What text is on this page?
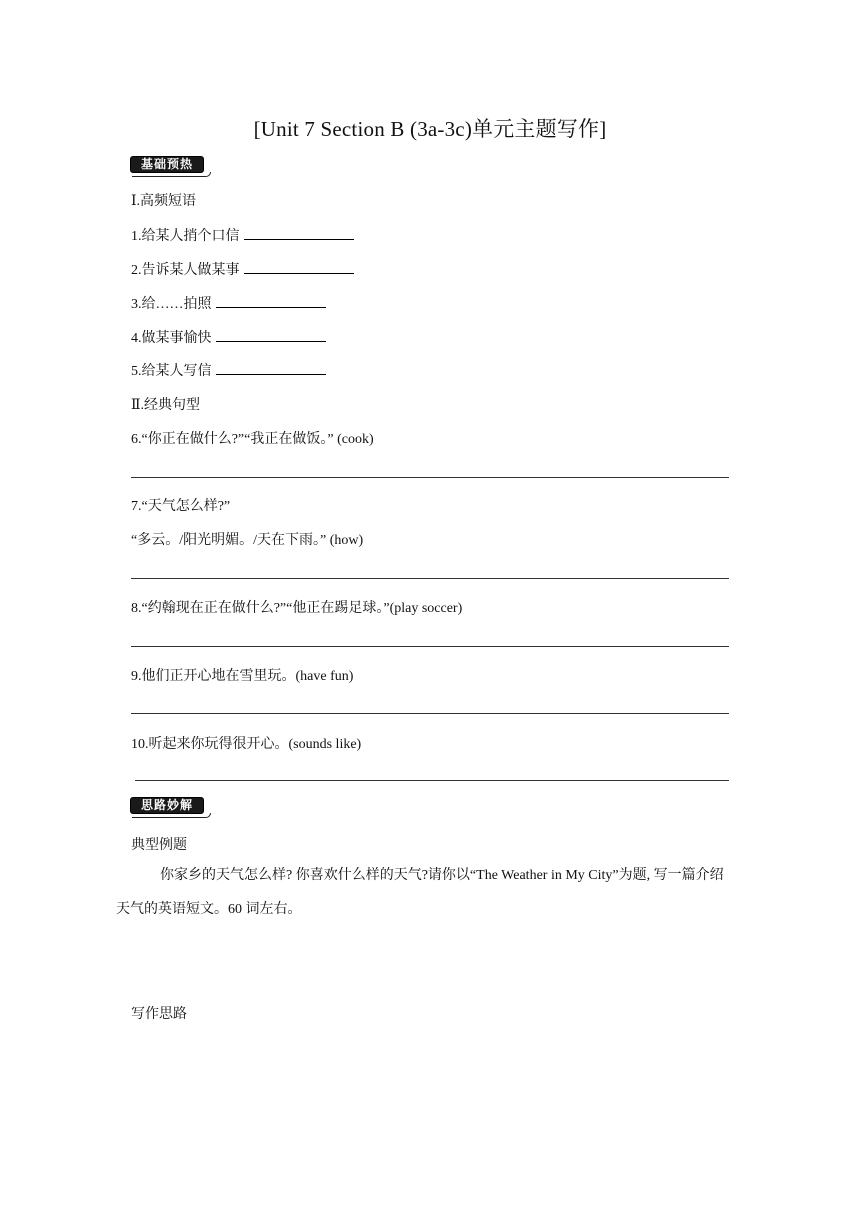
[Unit 7 Section B (3a-3c)单元主题写作]
基础预热
Ⅰ.高频短语
1.给某人捎个口信
2.告诉某人做某事
3.给……拍照
4.做某事愉快
5.给某人写信
Ⅱ.经典句型
6.“你正在做什么?”“我正在做饭。” (cook)
7.“天气怎么样?”
“多云。/阳光明媚。/天在下雨。” (how)
8.“约翰现在正在做什么?”“他正在踢足球。”(play soccer)
9.他们正开心地在雪里玩。(have fun)
10.听起来你玩得很开心。(sounds like)
思路妙解
典型例题
你家乡的天气怎么样? 你喜欢什么样的天气?请你以“The Weather in My City”为题, 写一篇介绍天气的英语短文。60 词左右。
写作思路
